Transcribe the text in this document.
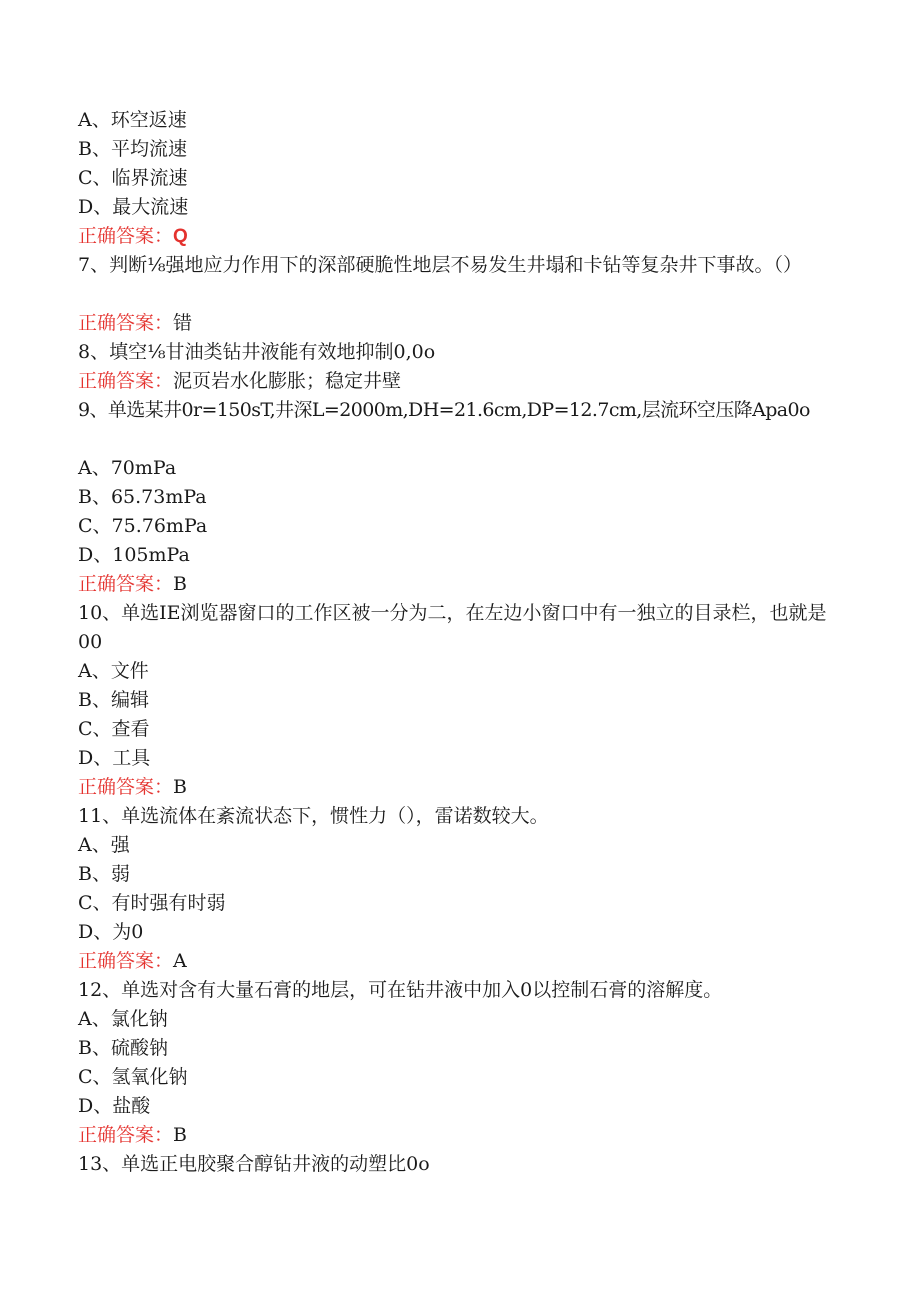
A、环空返速
B、平均流速
C、临界流速
D、最大流速
正确答案：Q
7、判断⅛强地应力作用下的深部硬脆性地层不易发生井塌和卡钻等复杂井下事故。（）
正确答案：错
8、填空⅛甘油类钻井液能有效地抑制0,0o
正确答案：泥页岩水化膨胀；稳定井壁
9、单选某井0r=150sT,井深L=2000m,DH=21.6cm,DP=12.7cm,层流环空压降Apa0o
A、70mPa
B、65.73mPa
C、75.76mPa
D、105mPa
正确答案：B
10、单选IE浏览器窗口的工作区被一分为二，在左边小窗口中有一独立的目录栏，也就是00
A、文件
B、编辑
C、查看
D、工具
正确答案：B
11、单选流体在紊流状态下，惯性力（），雷诺数较大。
A、强
B、弱
C、有时强有时弱
D、为0
正确答案：A
12、单选对含有大量石膏的地层，可在钻井液中加入0以控制石膏的溶解度。
A、氯化钠
B、硫酸钠
C、氢氧化钠
D、盐酸
正确答案：B
13、单选正电胶聚合醇钻井液的动塑比0o
